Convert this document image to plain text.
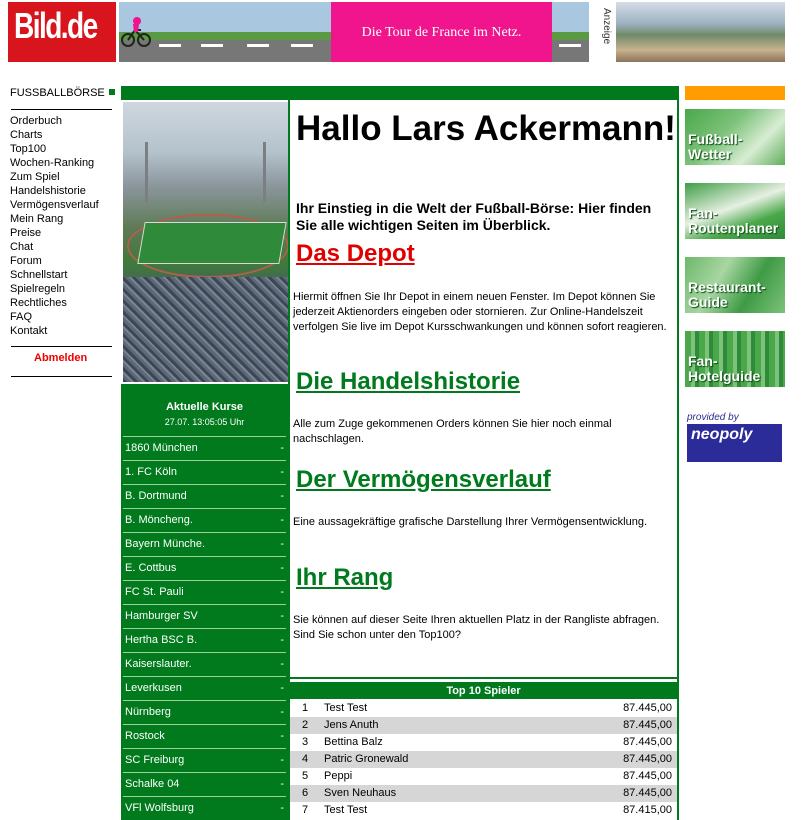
Bild.de	Die Tour de France im Netz.	Anzeige
FUSSBALLBÖRSE
Orderbuch
Charts
Top100
Wochen-Ranking
Zum Spiel
Handelshistorie
Vermögensverlauf
Mein Rang
Preise
Chat
Forum
Schnellstart
Spielregeln
Rechtliches
FAQ
Kontakt
Abmelden
Aktuelle Kurse
27.07. 13:05:05 Uhr
1860 München	-
1. FC Köln	-
B. Dortmund	-
B. Möncheng.	-
Bayern Münche.	-
E. Cottbus	-
FC St. Pauli	-
Hamburger SV	-
Hertha BSC B.	-
Kaiserslauter.	-
Leverkusen	-
Nürnberg	-
Rostock	-
SC Freiburg	-
Schalke 04	-
VFl Wolfsburg	-
Hallo Lars Ackermann!
Ihr Einstieg in die Welt der Fußball-Börse: Hier finden Sie alle wichtigen Seiten im Überblick.
Das Depot
Hiermit öffnen Sie Ihr Depot in einem neuen Fenster. Im Depot können Sie jederzeit Aktienorders eingeben oder stornieren. Zur Online-Handelszeit verfolgen Sie live im Depot Kursschwankungen und können sofort reagieren.
Die Handelshistorie
Alle zum Zuge gekommenen Orders können Sie hier noch einmal nachschlagen.
Der Vermögensverlauf
Eine aussagekräftige grafische Darstellung Ihrer Vermögensentwicklung.
Ihr Rang
Sie können auf dieser Seite Ihren aktuellen Platz in der Rangliste abfragen. Sind Sie schon unter den Top100?
Top 10 Spieler
1 Test Test	87.445,00
2 Jens Anuth	87.445,00
3 Bettina Balz	87.445,00
4 Patric Gronewald	87.445,00
5 Peppi	87.445,00
6 Sven Neuhaus	87.445,00
7 Test Test	87.415,00
Fußball-Wetter
Fan-Routenplaner
Restaurant-Guide
Fan-Hotelguide
provided by
neopoly
